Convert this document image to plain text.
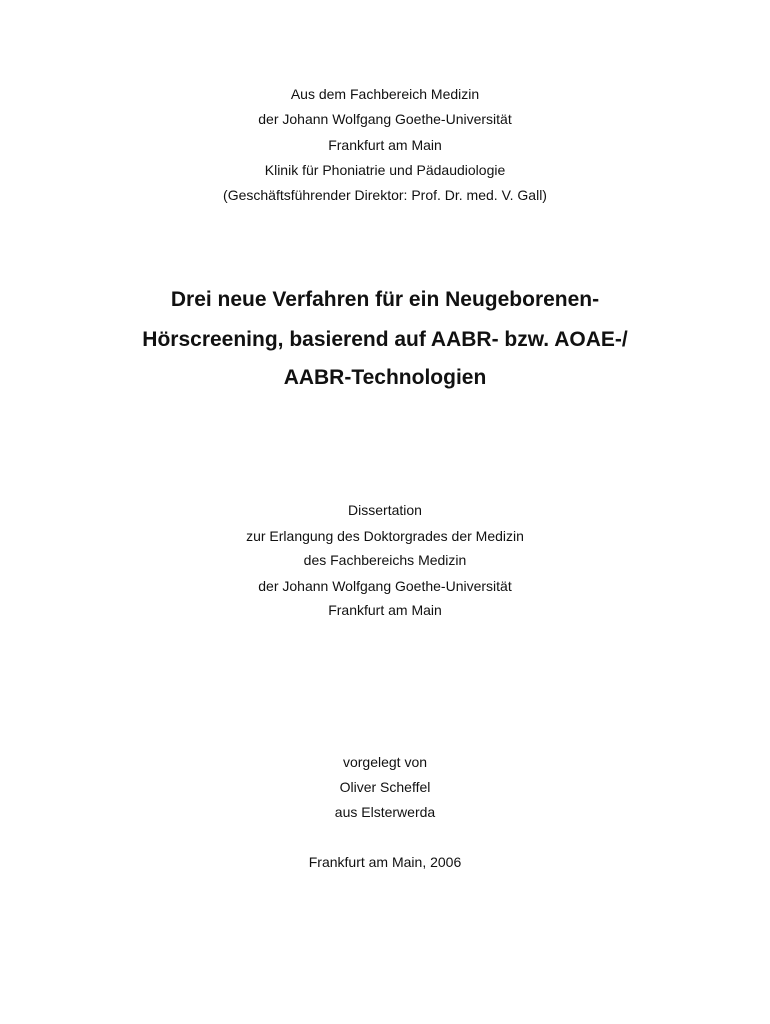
Aus dem Fachbereich Medizin
der Johann Wolfgang Goethe-Universität
Frankfurt am Main
Klinik für Phoniatrie und Pädaudiologie
(Geschäftsführender Direktor: Prof. Dr. med. V. Gall)
Drei neue Verfahren für ein Neugeborenen-
Hörscreening, basierend auf AABR- bzw. AOAE-/
AABR-Technologien
Dissertation
zur Erlangung des Doktorgrades der Medizin
des Fachbereichs Medizin
der Johann Wolfgang Goethe-Universität
Frankfurt am Main
vorgelegt von
Oliver Scheffel
aus Elsterwerda
Frankfurt am Main, 2006
